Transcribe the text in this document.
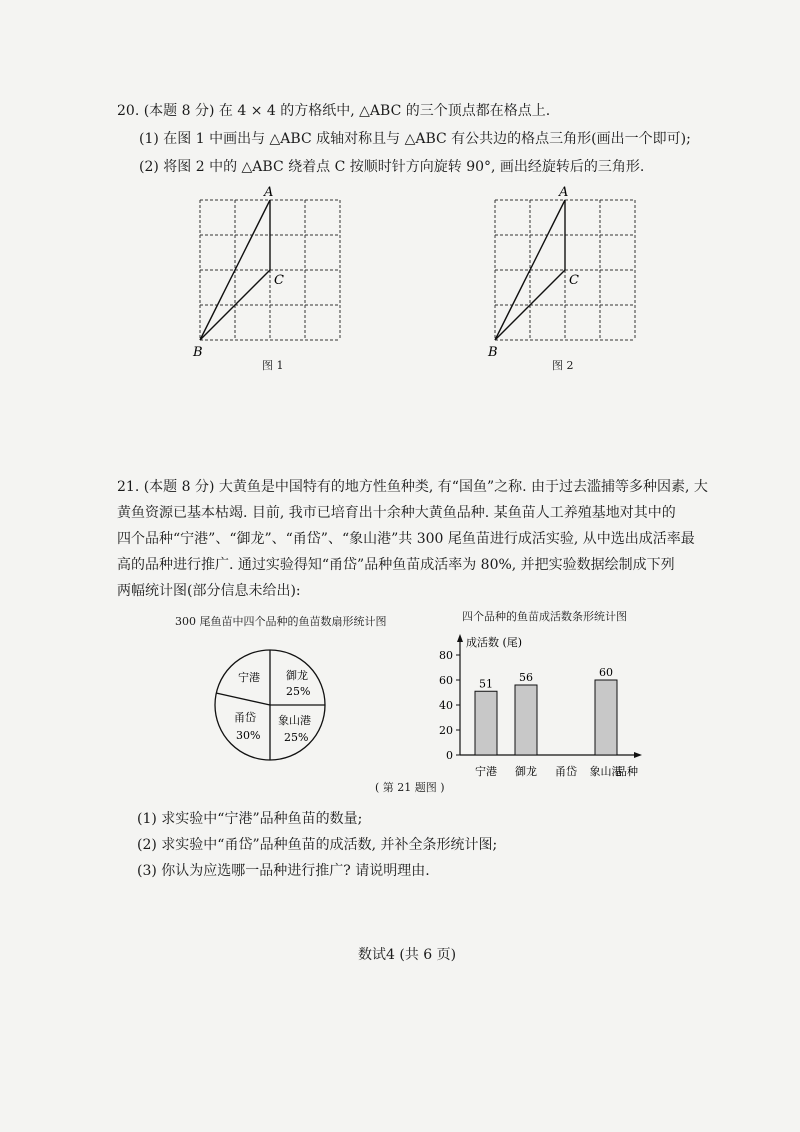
20. (本题 8 分) 在 4 × 4 的方格纸中, △ABC 的三个顶点都在格点上.
(1) 在图 1 中画出与 △ABC 成轴对称且与 △ABC 有公共边的格点三角形(画出一个即可);
(2) 将图 2 中的 △ABC 绕着点 C 按顺时针方向旋转 90°, 画出经旋转后的三角形.
A
C
B
图 1
A
C
B
图 2
21. (本题 8 分) 大黄鱼是中国特有的地方性鱼种类, 有“国鱼”之称. 由于过去滥捕等多种因素, 大
黄鱼资源已基本枯竭. 目前, 我市已培育出十余种大黄鱼品种. 某鱼苗人工养殖基地对其中的
四个品种“宁港”、“御龙”、“甬岱”、“象山港”共 300 尾鱼苗进行成活实验, 从中选出成活率最
高的品种进行推广. 通过实验得知“甬岱”品种鱼苗成活率为 80%, 并把实验数据绘制成下列
两幅统计图(部分信息未给出):
300 尾鱼苗中四个品种的鱼苗数扇形统计图	四个品种的鱼苗成活数条形统计图
宁港 御龙
25%
象山港
25%
甬岱
30%
成活数 (尾)
品种
0
20
40
60
80
51
宁港
56
御龙 甬岱
60
象山港
( 第 21 题图 )
(1) 求实验中“宁港”品种鱼苗的数量;
(2) 求实验中“甬岱”品种鱼苗的成活数, 并补全条形统计图;
(3) 你认为应选哪一品种进行推广? 请说明理由.
数试4 (共 6 页)
